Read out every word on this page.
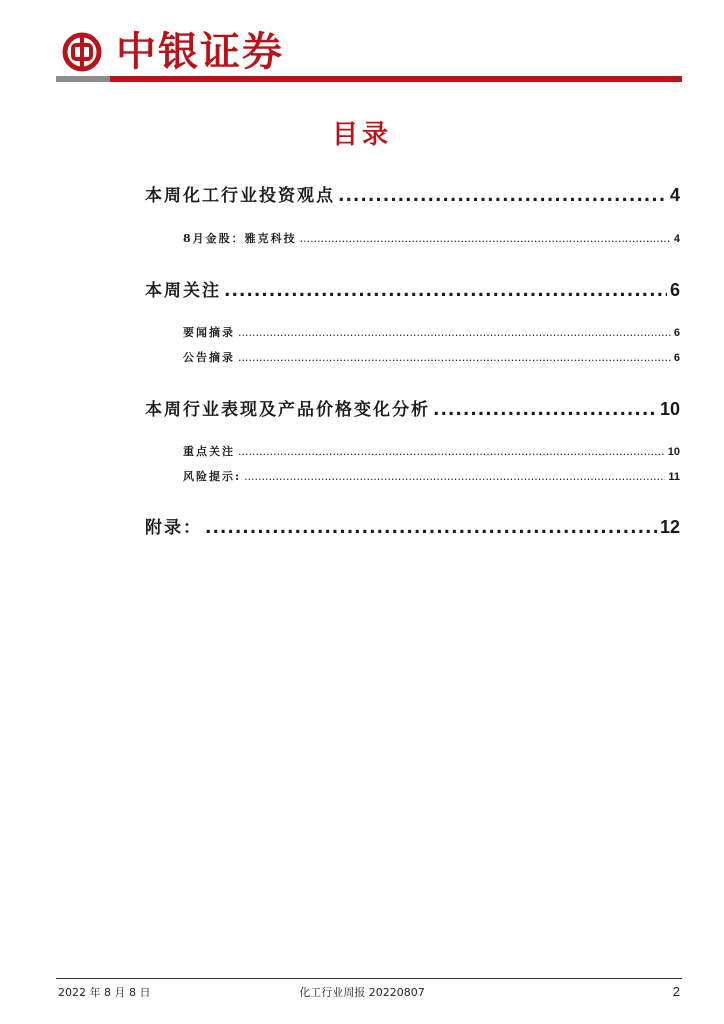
中银证券
目录
本周化工行业投资观点 .....	4
8月金股：雅克科技 .....	4
本周关注 .....	6
要闻摘录 .....	6
公告摘录 .....	6
本周行业表现及产品价格变化分析 .....	10
重点关注 .....	10
风险提示: .....	11
附录： .....	12
2022 年 8 月 8 日	化工行业周报 20220807	2
